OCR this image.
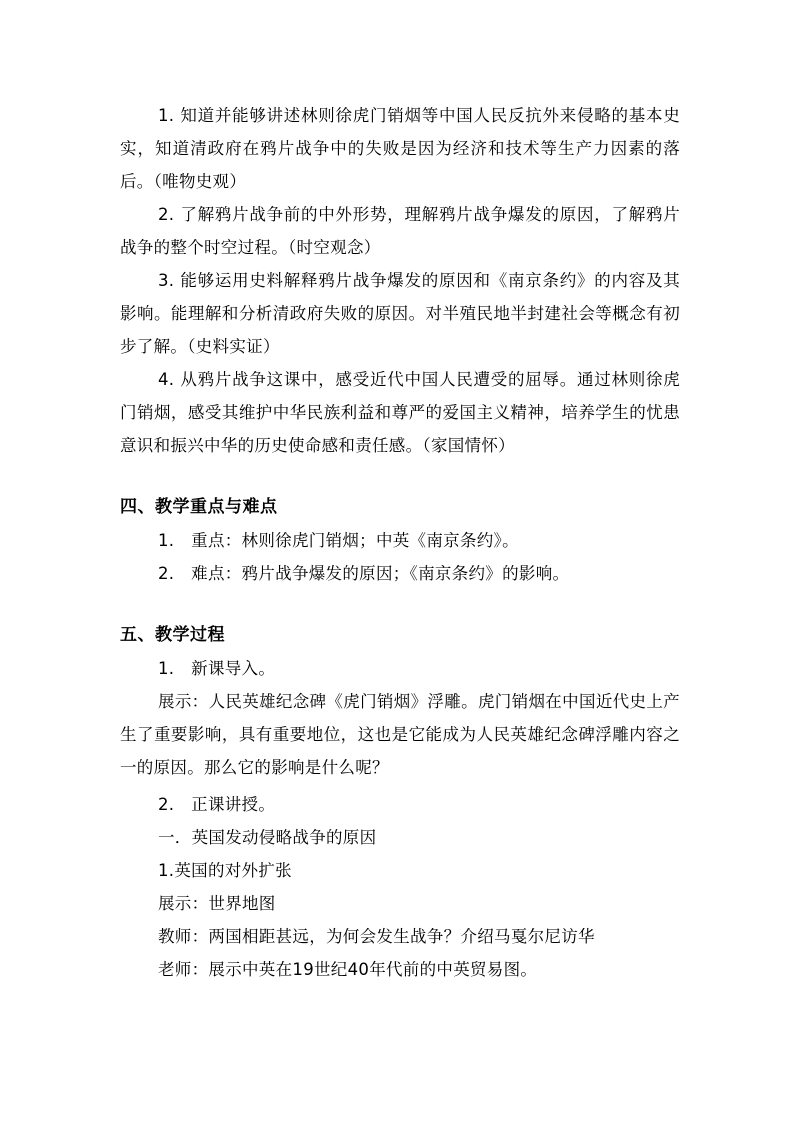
1. 知道并能够讲述林则徐虎门销烟等中国人民反抗外来侵略的基本史实，知道清政府在鸦片战争中的失败是因为经济和技术等生产力因素的落后。（唯物史观）

2. 了解鸦片战争前的中外形势，理解鸦片战争爆发的原因，了解鸦片战争的整个时空过程。（时空观念）

3. 能够运用史料解释鸦片战争爆发的原因和《南京条约》的内容及其影响。能理解和分析清政府失败的原因。对半殖民地半封建社会等概念有初步了解。（史料实证）

4. 从鸦片战争这课中，感受近代中国人民遭受的屈辱。通过林则徐虎门销烟，感受其维护中华民族利益和尊严的爱国主义精神，培养学生的忧患意识和振兴中华的历史使命感和责任感。（家国情怀）

四、教学重点与难点

1.　重点：林则徐虎门销烟；中英《南京条约》。

2.　难点：鸦片战争爆发的原因；《南京条约》的影响。

五、教学过程

1.　新课导入。

展示：人民英雄纪念碑《虎门销烟》浮雕。虎门销烟在中国近代史上产生了重要影响，具有重要地位，这也是它能成为人民英雄纪念碑浮雕内容之一的原因。那么它的影响是什么呢？

2.　正课讲授。

一．英国发动侵略战争的原因

1.英国的对外扩张

展示：世界地图

教师：两国相距甚远，为何会发生战争？介绍马戛尔尼访华

老师：展示中英在19世纪40年代前的中英贸易图。
